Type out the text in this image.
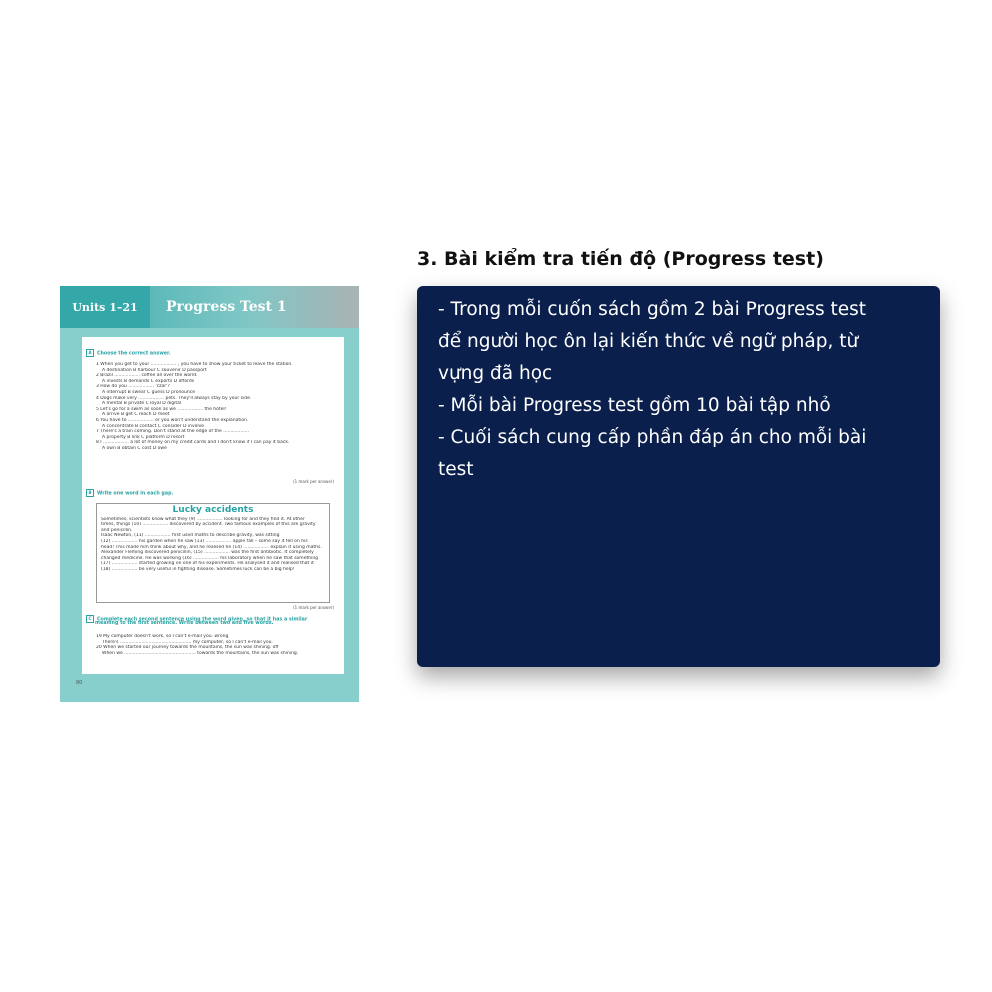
Units 1–21	Progress Test 1
A Choose the correct answer.
1 When you get to your .................. , you have to show your ticket to leave the station.
A destination B harbour C souvenir D passport
2 Brazil .................. coffee all over the world.
A invests B demands C exports D affords
3 How do you .................. 'czar'?
A interrupt B swear C guess D pronounce
4 Dogs make very .................. pets. They'll always stay by your side.
A mental B private C loyal D digital
5 Let's go for a swim as soon as we .................. the hotel!
A arrive B get C reach D meet
6 You have to .................. or you won't understand the explanation.
A concentrate B contact C consider D involve
7 There's a train coming. Don't stand at the edge of the ..................
A property B link C platform D resort
8 I .................. a lot of money on my credit cards and I don't know if I can pay it back.
A own B obtain C cost D owe
(1 mark per answer)
B Write one word in each gap.
Lucky accidents
Sometimes, scientists know what they (9) .................. looking for and they find it. At other
times, things (10) .................. discovered by accident. Two famous examples of this are gravity
and penicillin.
Isaac Newton, (11) .................. first used maths to describe gravity, was sitting
(12) .................. his garden when he saw (13) .................. apple fall – some say it fell on his
head! This made him think about why, and he realised he (14) .................. explain it using maths.
Alexander Fleming discovered penicillin, (15) .................. was the first antibiotic. It completely
changed medicine. He was working (16) .................. his laboratory when he saw that something
(17) .................. started growing on one of his experiments. He analysed it and realised that it
(18) .................. be very useful in fighting disease. Sometimes luck can be a big help!
(1 mark per answer)
C Complete each second sentence using the word given, so that it has a similar
meaning to the first sentence. Write between two and five words.
19 My computer doesn't work, so I can't e-mail you. wrong
There's .................................................. my computer, so I can't e-mail you.
20 When we started our journey towards the mountains, the sun was shining. off
When we .................................................. towards the mountains, the sun was shining.
80
3. Bài kiểm tra tiến độ (Progress test)

- Trong mỗi cuốn sách gồm 2 bài Progress test để người học ôn lại kiến thức về ngữ pháp, từ vựng đã học

- Mỗi bài Progress test gồm 10 bài tập nhỏ

- Cuối sách cung cấp phần đáp án cho mỗi bài test
